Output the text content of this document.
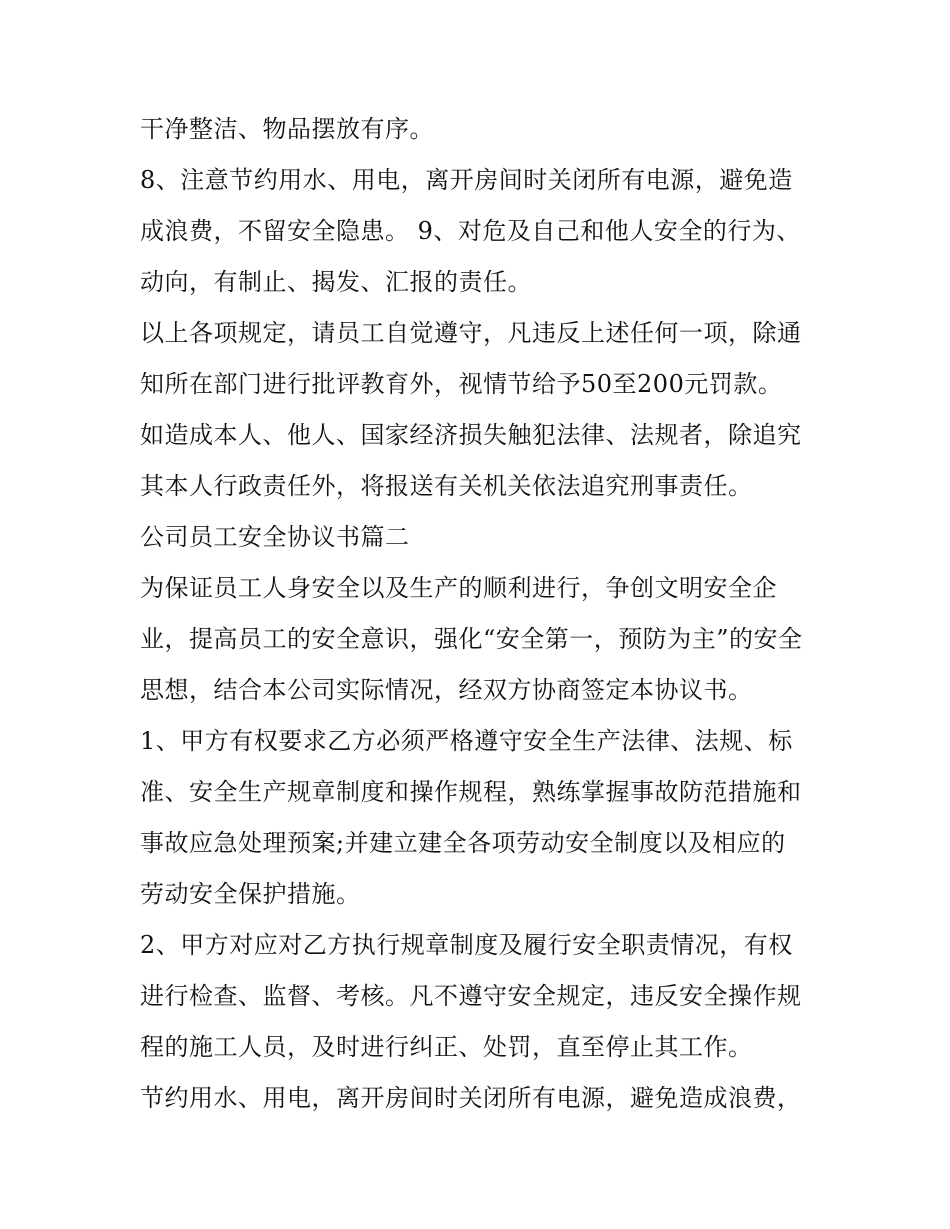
干净整洁、物品摆放有序。
8、注意节约用水、用电，离开房间时关闭所有电源，避免造
成浪费，不留安全隐患。 9、对危及自己和他人安全的行为、
动向，有制止、揭发、汇报的责任。
以上各项规定，请员工自觉遵守，凡违反上述任何一项，除通
知所在部门进行批评教育外，视情节给予50至200元罚款。
如造成本人、他人、国家经济损失触犯法律、法规者，除追究
其本人行政责任外，将报送有关机关依法追究刑事责任。
公司员工安全协议书篇二
为保证员工人身安全以及生产的顺利进行，争创文明安全企
业，提高员工的安全意识，强化“安全第一，预防为主”的安全
思想，结合本公司实际情况，经双方协商签定本协议书。
1、甲方有权要求乙方必须严格遵守安全生产法律、法规、标
准、安全生产规章制度和操作规程，熟练掌握事故防范措施和
事故应急处理预案;并建立建全各项劳动安全制度以及相应的
劳动安全保护措施。
2、甲方对应对乙方执行规章制度及履行安全职责情况，有权
进行检查、监督、考核。凡不遵守安全规定，违反安全操作规
程的施工人员，及时进行纠正、处罚，直至停止其工作。
节约用水、用电，离开房间时关闭所有电源，避免造成浪费，
